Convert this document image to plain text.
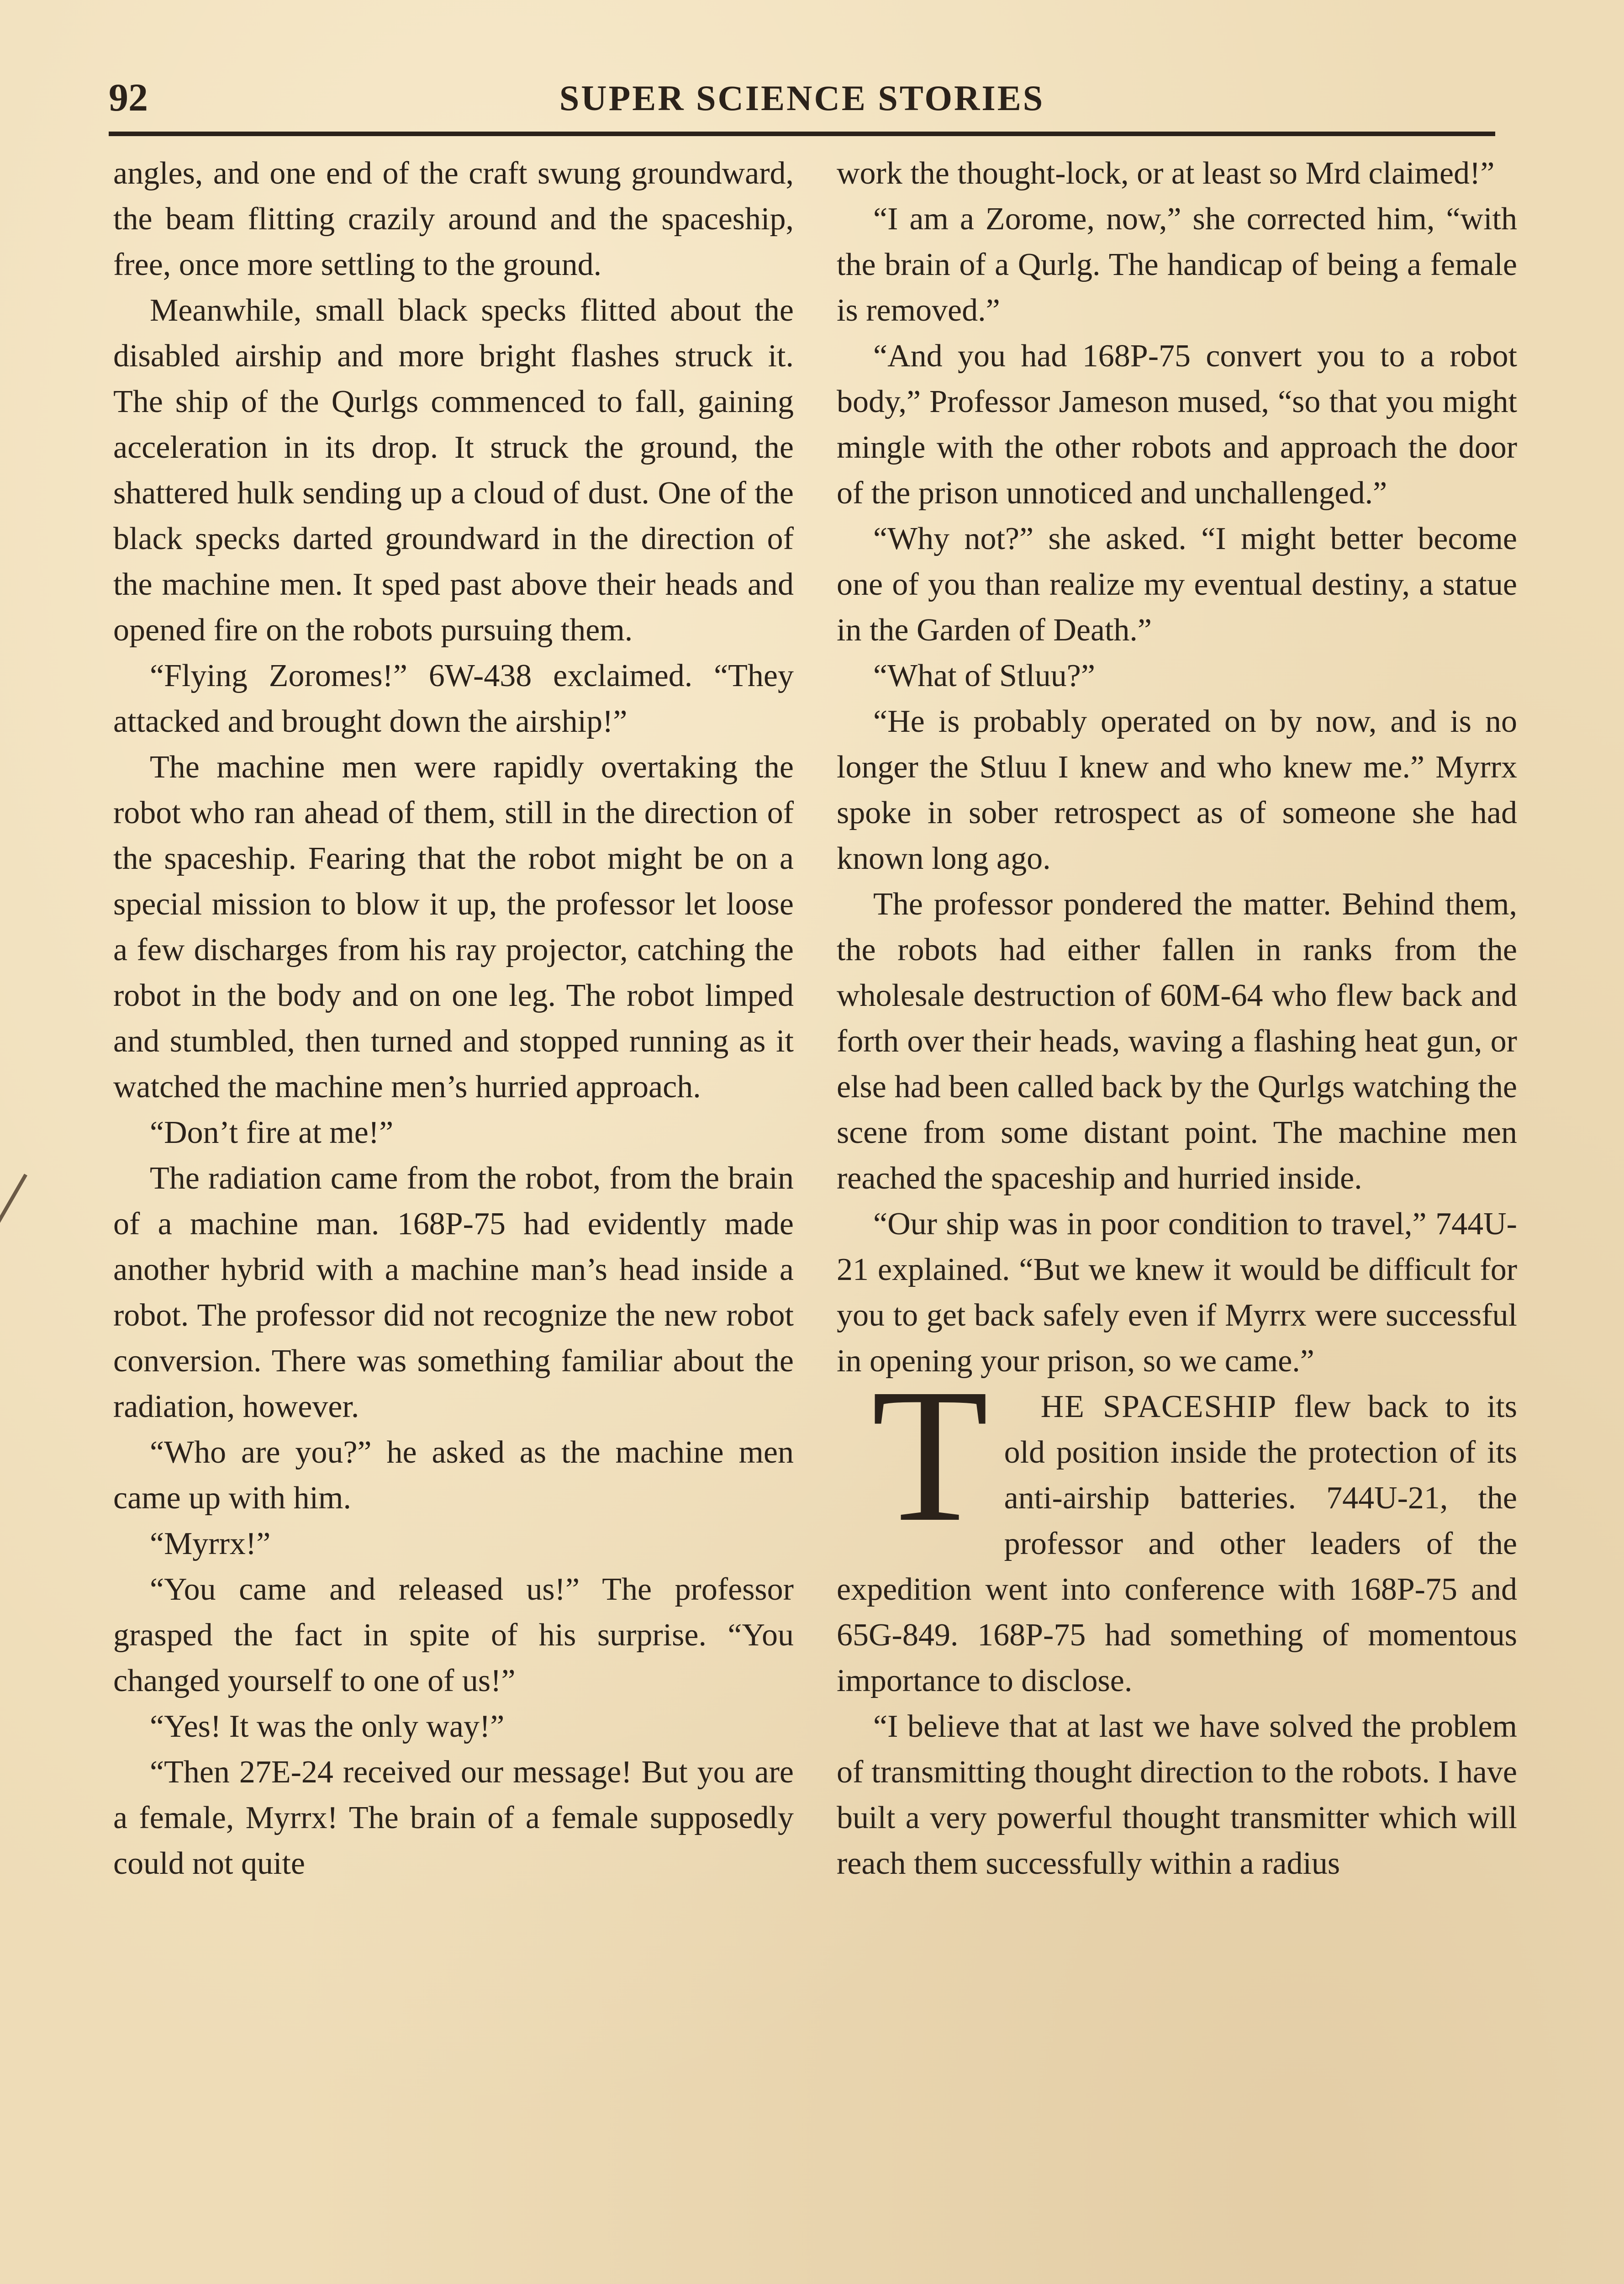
92	SUPER SCIENCE STORIES

angles, and one end of the craft swung groundward, the beam flitting crazily around and the spaceship, free, once more settling to the ground.

Meanwhile, small black specks flitted about the disabled airship and more bright flashes struck it. The ship of the Qurlgs commenced to fall, gaining acceleration in its drop. It struck the ground, the shattered hulk sending up a cloud of dust. One of the black specks darted groundward in the direction of the machine men. It sped past above their heads and opened fire on the robots pursuing them.

“Flying Zoromes!” 6W-438 exclaimed. “They attacked and brought down the airship!”

The machine men were rapidly overtaking the robot who ran ahead of them, still in the direction of the spaceship. Fearing that the robot might be on a special mission to blow it up, the professor let loose a few discharges from his ray projector, catching the robot in the body and on one leg. The robot limped and stumbled, then turned and stopped running as it watched the machine men’s hurried approach.

“Don’t fire at me!”

The radiation came from the robot, from the brain of a machine man. 168P-75 had evidently made another hybrid with a machine man’s head inside a robot. The professor did not recognize the new robot conversion. There was something familiar about the radiation, however.

“Who are you?” he asked as the machine men came up with him.

“Myrrx!”

“You came and released us!” The professor grasped the fact in spite of his surprise. “You changed yourself to one of us!”

“Yes! It was the only way!”

“Then 27E-24 received our message! But you are a female, Myrrx! The brain of a female supposedly could not quite

work the thought-lock, or at least so Mrd claimed!”

“I am a Zorome, now,” she corrected him, “with the brain of a Qurlg. The handicap of being a female is removed.”

“And you had 168P-75 convert you to a robot body,” Professor Jameson mused, “so that you might mingle with the other robots and approach the door of the prison unnoticed and unchallenged.”

“Why not?” she asked. “I might better become one of you than realize my eventual destiny, a statue in the Garden of Death.”

“What of Stluu?”

“He is probably operated on by now, and is no longer the Stluu I knew and who knew me.” Myrrx spoke in sober retrospect as of someone she had known long ago.

The professor pondered the matter. Behind them, the robots had either fallen in ranks from the wholesale destruction of 60M-64 who flew back and forth over their heads, waving a flashing heat gun, or else had been called back by the Qurlgs watching the scene from some distant point. The machine men reached the spaceship and hurried inside.

“Our ship was in poor condition to travel,” 744U-21 explained. “But we knew it would be difficult for you to get back safely even if Myrrx were successful in opening your prison, so we came.”

T HE SPACESHIP flew back to its old position inside the protection of its anti-airship batteries. 744U-21, the professor and other leaders of the expedition went into conference with 168P-75 and 65G-849. 168P-75 had something of momentous importance to disclose.

“I believe that at last we have solved the problem of transmitting thought direction to the robots. I have built a very powerful thought transmitter which will reach them successfully within a radius
